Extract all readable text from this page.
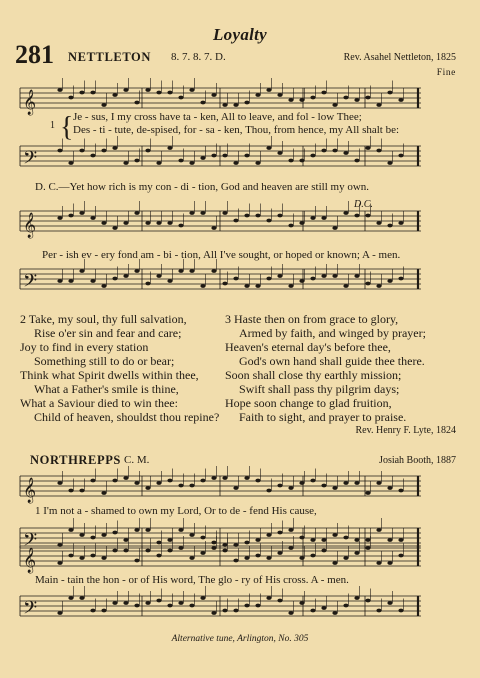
Loyalty
281 NETTLETON 8. 7. 8. 7. D.	Rev. Asahel Nettleton, 1825
Fine
𝄞
1 { Je - sus, I my cross have ta - ken, All to leave, and fol - low Thee;
Des - ti - tute, de-spised, for - sa - ken, Thou, from hence, my All shalt be:
𝄢
D. C.—Yet how rich is my con - di - tion, God and heaven are still my own.
D.C.
𝄞
Per - ish ev - ery fond am - bi - tion, All I've sought, or hoped or known; A - men.
𝄢
2 Take, my soul, thy full salvation,
Rise o'er sin and fear and care;
Joy to find in every station
Something still to do or bear;
Think what Spirit dwells within thee,
What a Father's smile is thine,
What a Saviour died to win thee:
Child of heaven, shouldst thou repine?
3 Haste then on from grace to glory,
Armed by faith, and winged by prayer;
Heaven's eternal day's before thee,
God's own hand shall guide thee there.
Soon shall close thy earthly mission;
Swift shall pass thy pilgrim days;
Hope soon change to glad fruition,
Faith to sight, and prayer to praise.
Rev. Henry F. Lyte, 1824
NORTHREPPS C. M.	Josiah Booth, 1887
𝄞
1 I'm not a - shamed to own my Lord, Or to de - fend His cause,
𝄢
𝄞
Main - tain the hon - or of His word, The glo - ry of His cross. A - men.
𝄢
Alternative tune, Arlington, No. 305
